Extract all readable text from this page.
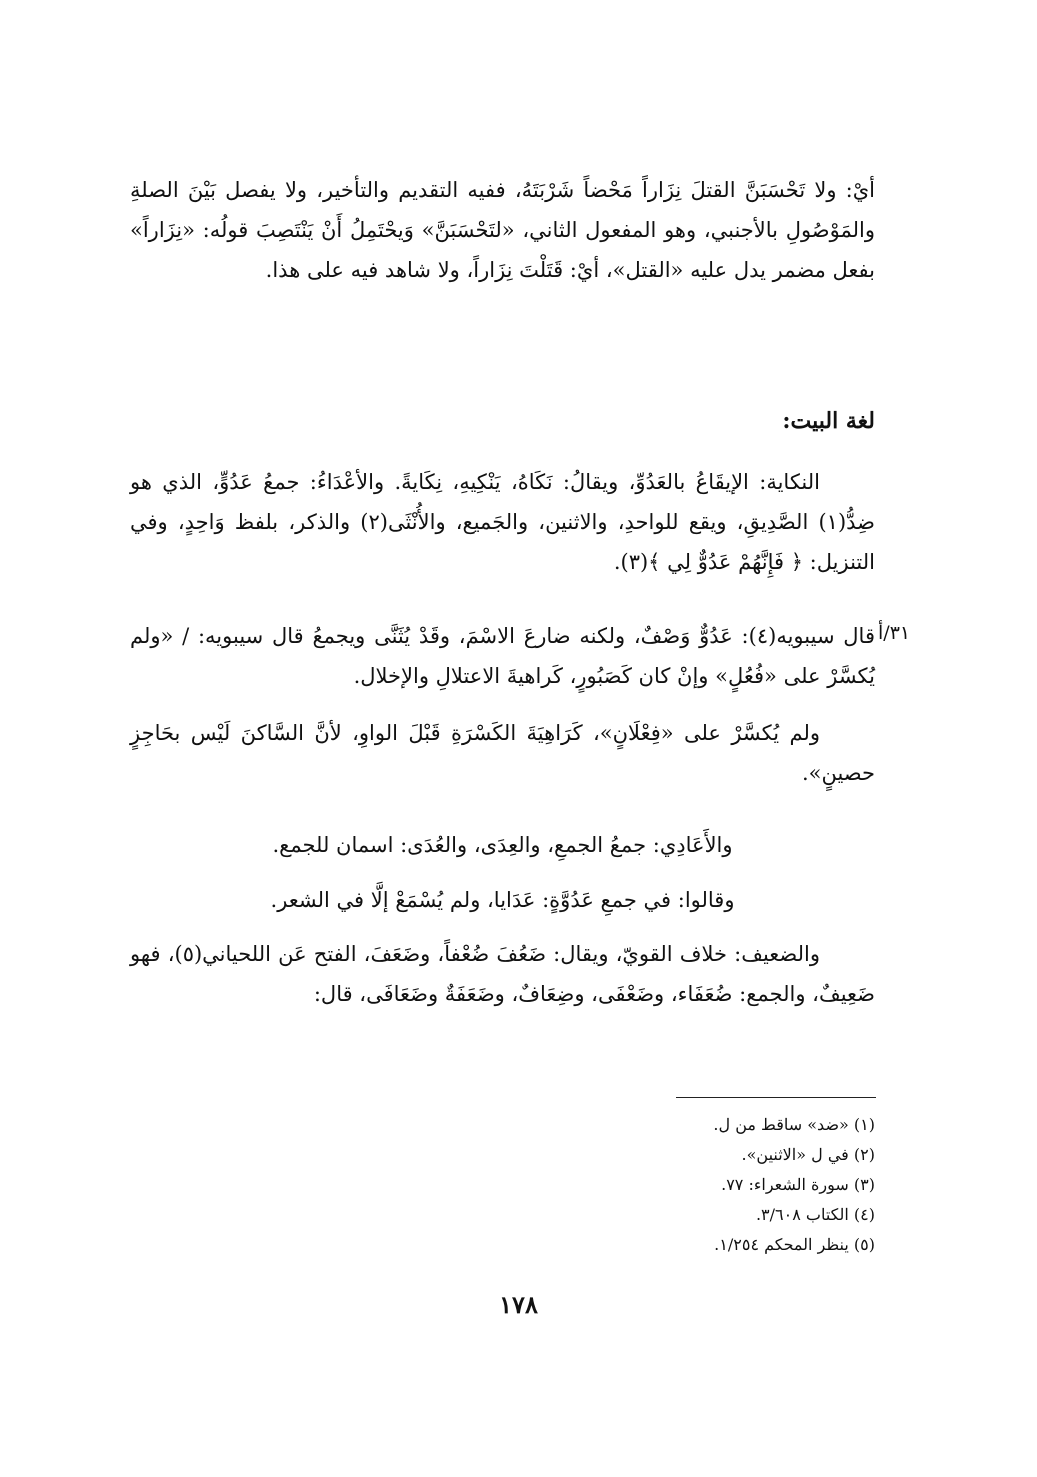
أيْ: ولا تَحْسَبَنَّ القتلَ نِزَاراً مَحْضاً شَرْبَتَهُ، ففيه التقديم والتأخير، ولا يفصل بَيْنَ الصلةِ والمَوْصُولِ بالأجنبي، وهو المفعول الثاني، «لتَحْسَبَنَّ» وَيحْتَمِلُ أَنْ يَنْتَصِبَ قولُه: «نِزَاراً» بفعل مضمر يدل عليه «القتل»، أيْ: قَتَلْتَ نِزَاراً، ولا شاهد فيه على هذا.

لغة البيت:

النكاية: الإيقَاعُ بالعَدُوِّ، ويقالُ: نَكَاهُ، يَنْكِيهِ، نِكَايةً. والأعْدَاءُ: جمعُ عَدُوٍّ، الذي هو ضِدُّ(١) الصَّدِيقِ، ويقع للواحدِ، والاثنين، والجَميع، والأُنْثَى(٢) والذكر، بلفظ وَاحِدٍ، وفي التنزيل: ﴿ فَإِنَّهُمْ عَدُوٌّ لِي ﴾(٣).

٣١/أ

قال سيبويه(٤): عَدُوٌّ وَصْفٌ، ولكنه ضارعَ الاسْمَ، وقَدْ يُثَنَّى ويجمعُ قال سيبويه: / «ولم يُكسَّرْ على «فُعُلٍ» وإنْ كان كَصَبُورٍ، كَراهيةَ الاعتلالِ والإخلال.

ولم يُكسَّرْ على «فِعْلَانٍ»، كَرَاهِيَةَ الكَسْرَةِ قَبْلَ الواوِ، لأنَّ السَّاكنَ لَيْس بحَاجِزٍ حصينٍ».

والأَعَادِي: جمعُ الجمعِ، والعِدَى، والعُدَى: اسمان للجمع.

وقالوا: في جمعِ عَدُوَّةٍ: عَدَايا، ولم يُسْمَعْ إلَّا في الشعر.

والضعيف: خلاف القويّ، ويقال: ضَعُفَ ضُعْفاً، وضَعَفَ، الفتح عَن اللحياني(٥)، فهو ضَعِيفٌ، والجمع: ضُعَفَاء، وضَعْفَى، وضِعَافٌ، وضَعَفَةٌ وضَعَافَى، قال:

(١) «ضد» ساقط من ل.
(٢) في ل «الاثنين».
(٣) سورة الشعراء: ٧٧.
(٤) الكتاب ٣/٦٠٨.
(٥) ينظر المحكم ١/٢٥٤.
١٧٨
